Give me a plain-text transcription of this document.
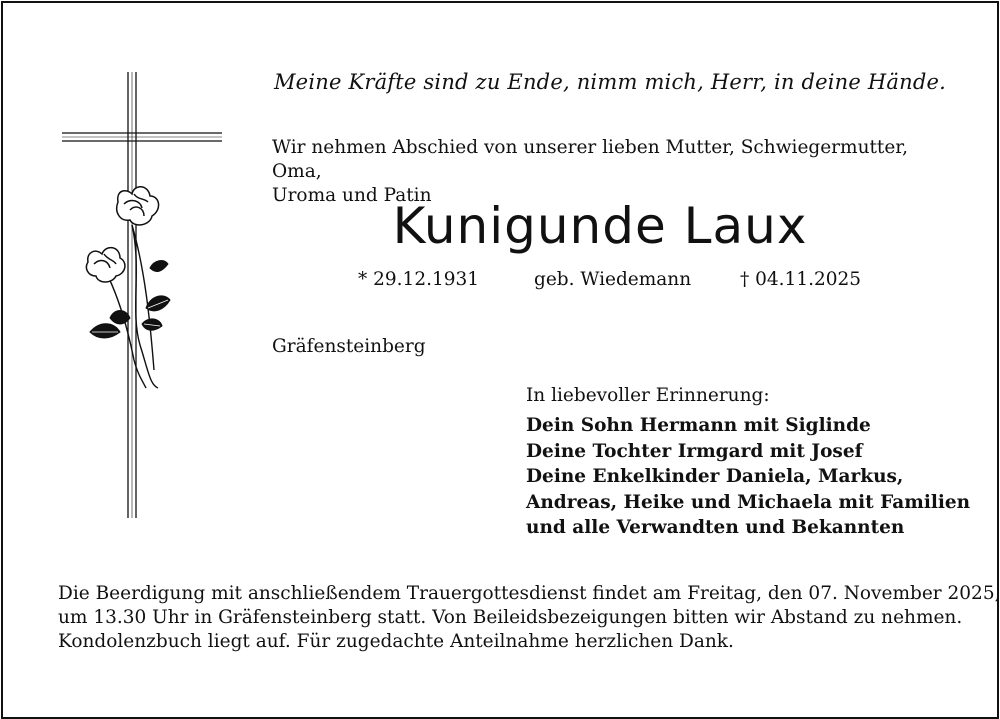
Meine Kräfte sind zu Ende, nimm mich, Herr, in deine Hände.
Wir nehmen Abschied von unserer lieben Mutter, Schwiegermutter, Oma,
Uroma und Patin
Kunigunde Laux
* 29.12.1931	geb. Wiedemann	† 04.11.2025
Gräfensteinberg
In liebevoller Erinnerung:
Dein Sohn Hermann mit Siglinde
Deine Tochter Irmgard mit Josef
Deine Enkelkinder Daniela, Markus,
Andreas, Heike und Michaela mit Familien
und alle Verwandten und Bekannten
Die Beerdigung mit anschließendem Trauergottesdienst findet am Freitag, den 07. November 2025,
um 13.30 Uhr in Gräfensteinberg statt. Von Beileidsbezeigungen bitten wir Abstand zu nehmen.
Kondolenzbuch liegt auf. Für zugedachte Anteilnahme herzlichen Dank.
